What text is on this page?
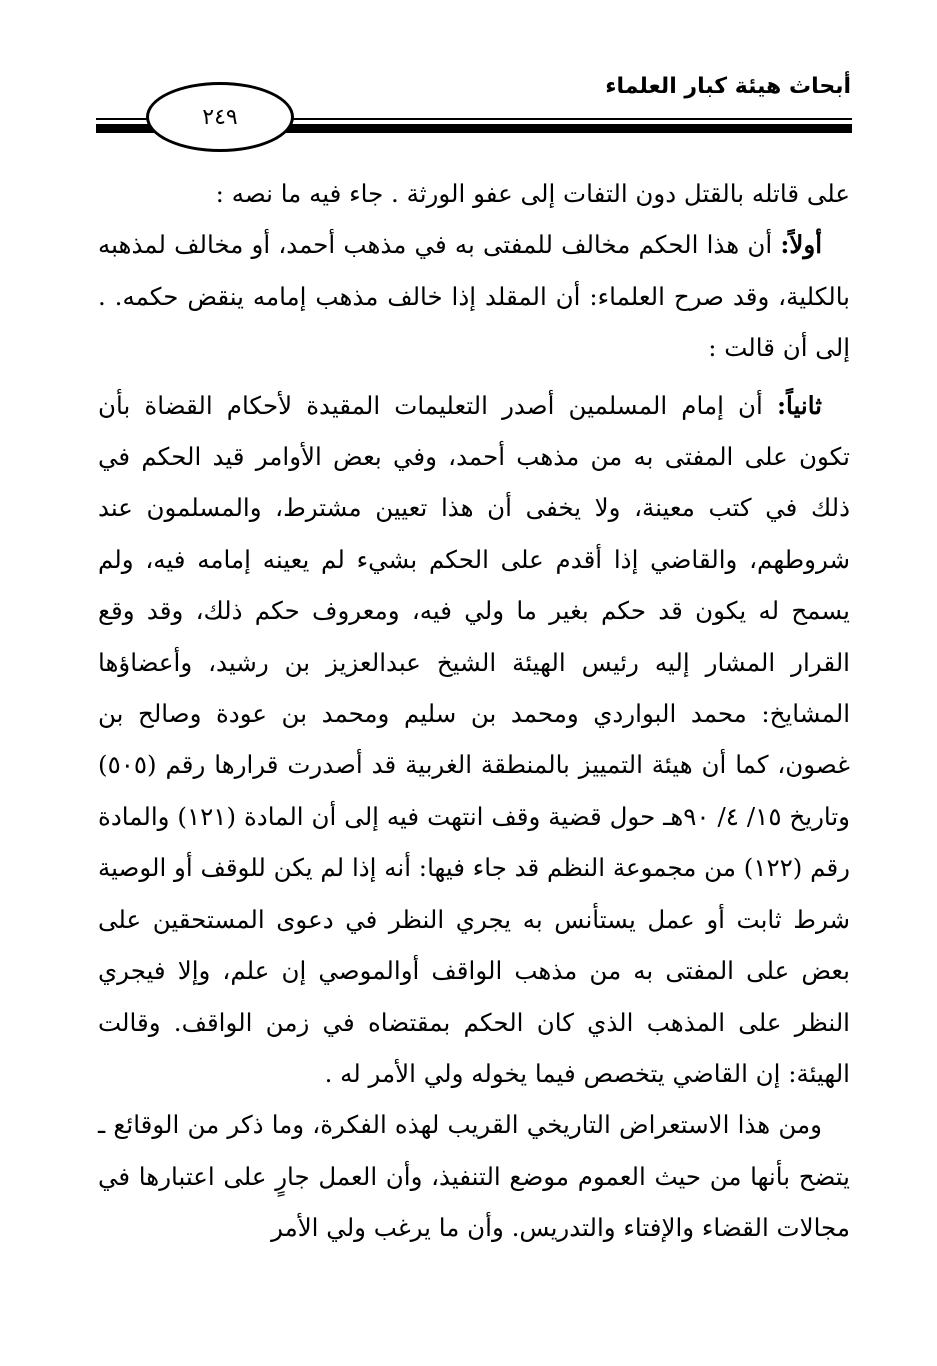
أبحاث هيئة كبار العلماء
٢٤٩

على قاتله بالقتل دون التفات إلى عفو الورثة . جاء فيه ما نصه :

أولاً: أن هذا الحكم مخالف للمفتى به في مذهب أحمد، أو مخالف لمذهبه بالكلية، وقد صرح العلماء: أن المقلد إذا خالف مذهب إمامه ينقض حكمه. . إلى أن قالت :

ثانياً: أن إمام المسلمين أصدر التعليمات المقيدة لأحكام القضاة بأن تكون على المفتى به من مذهب أحمد، وفي بعض الأوامر قيد الحكم في ذلك في كتب معينة، ولا يخفى أن هذا تعيين مشترط، والمسلمون عند شروطهم، والقاضي إذا أقدم على الحكم بشيء لم يعينه إمامه فيه، ولم يسمح له يكون قد حكم بغير ما ولي فيه، ومعروف حكم ذلك، وقد وقع القرار المشار إليه رئيس الهيئة الشيخ عبدالعزيز بن رشيد، وأعضاؤها المشايخ: محمد البواردي ومحمد بن سليم ومحمد بن عودة وصالح بن غصون، كما أن هيئة التمييز بالمنطقة الغربية قد أصدرت قرارها رقم (٥٠٥) وتاريخ ١٥/ ٤/ ٩٠هـ حول قضية وقف انتهت فيه إلى أن المادة (١٢١) والمادة رقم (١٢٢) من مجموعة النظم قد جاء فيها: أنه إذا لم يكن للوقف أو الوصية شرط ثابت أو عمل يستأنس به يجري النظر في دعوى المستحقين على بعض على المفتى به من مذهب الواقف أوالموصي إن علم، وإلا فيجري النظر على المذهب الذي كان الحكم بمقتضاه في زمن الواقف. وقالت الهيئة: إن القاضي يتخصص فيما يخوله ولي الأمر له .

ومن هذا الاستعراض التاريخي القريب لهذه الفكرة، وما ذكر من الوقائع ـ يتضح بأنها من حيث العموم موضع التنفيذ، وأن العمل جارٍ على اعتبارها في مجالات القضاء والإفتاء والتدريس. وأن ما يرغب ولي الأمر
